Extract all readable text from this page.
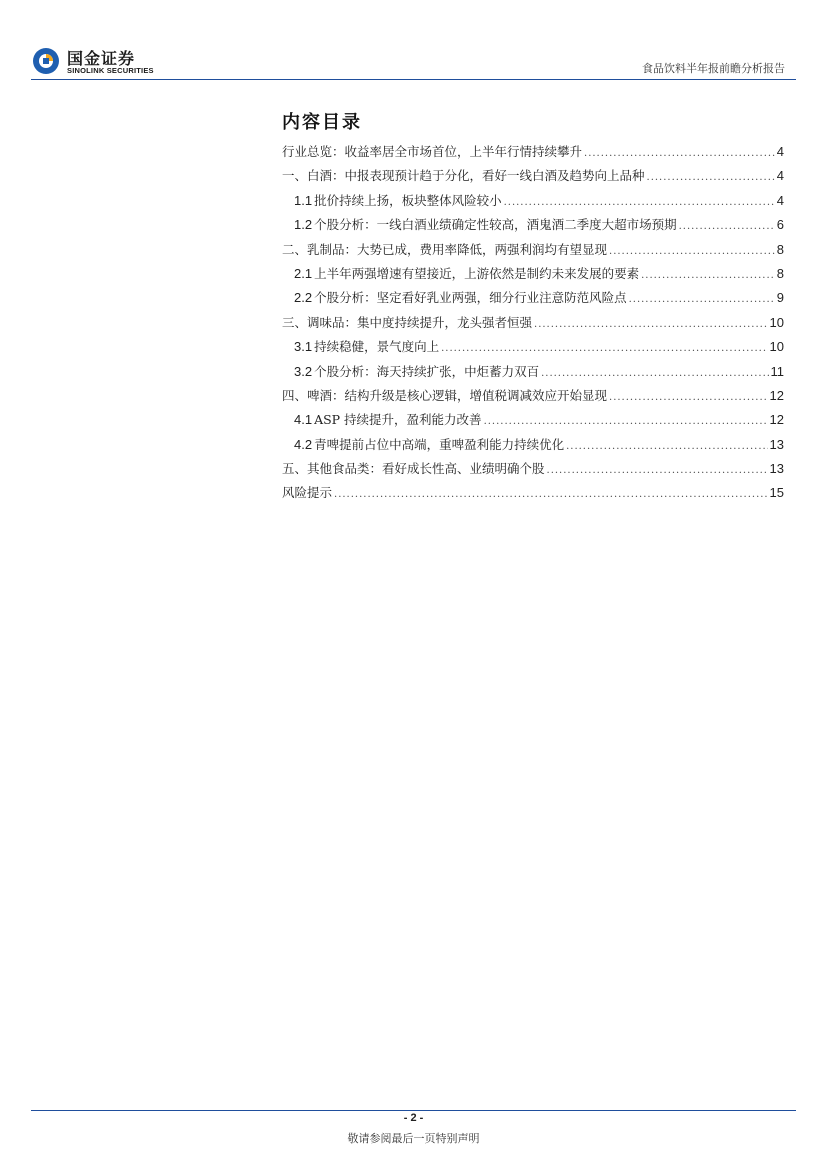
国金证券
SINOLINK SECURITIES	食品饮料半年报前瞻分析报告
内容目录
行业总览：收益率居全市场首位，上半年行情持续攀升 .....	4
一、白酒：中报表现预计趋于分化，看好一线白酒及趋势向上品种 .....	4
1.1 批价持续上扬，板块整体风险较小 .....	4
1.2 个股分析：一线白酒业绩确定性较高，酒鬼酒二季度大超市场预期 .....	6
二、乳制品：大势已成，费用率降低，两强利润均有望显现 .....	8
2.1 上半年两强增速有望接近，上游依然是制约未来发展的要素 .....	8
2.2 个股分析：坚定看好乳业两强，细分行业注意防范风险点 .....	9
三、调味品：集中度持续提升，龙头强者恒强 .....	10
3.1 持续稳健，景气度向上 .....	10
3.2 个股分析：海天持续扩张，中炬蓄力双百 .....	11
四、啤酒：结构升级是核心逻辑，增值税调减效应开始显现 .....	12
4.1 ASP 持续提升，盈利能力改善 .....	12
4.2 青啤提前占位中高端，重啤盈利能力持续优化 .....	13
五、其他食品类：看好成长性高、业绩明确个股 .....	13
风险提示 .....	15
- 2 -
敬请参阅最后一页特别声明
